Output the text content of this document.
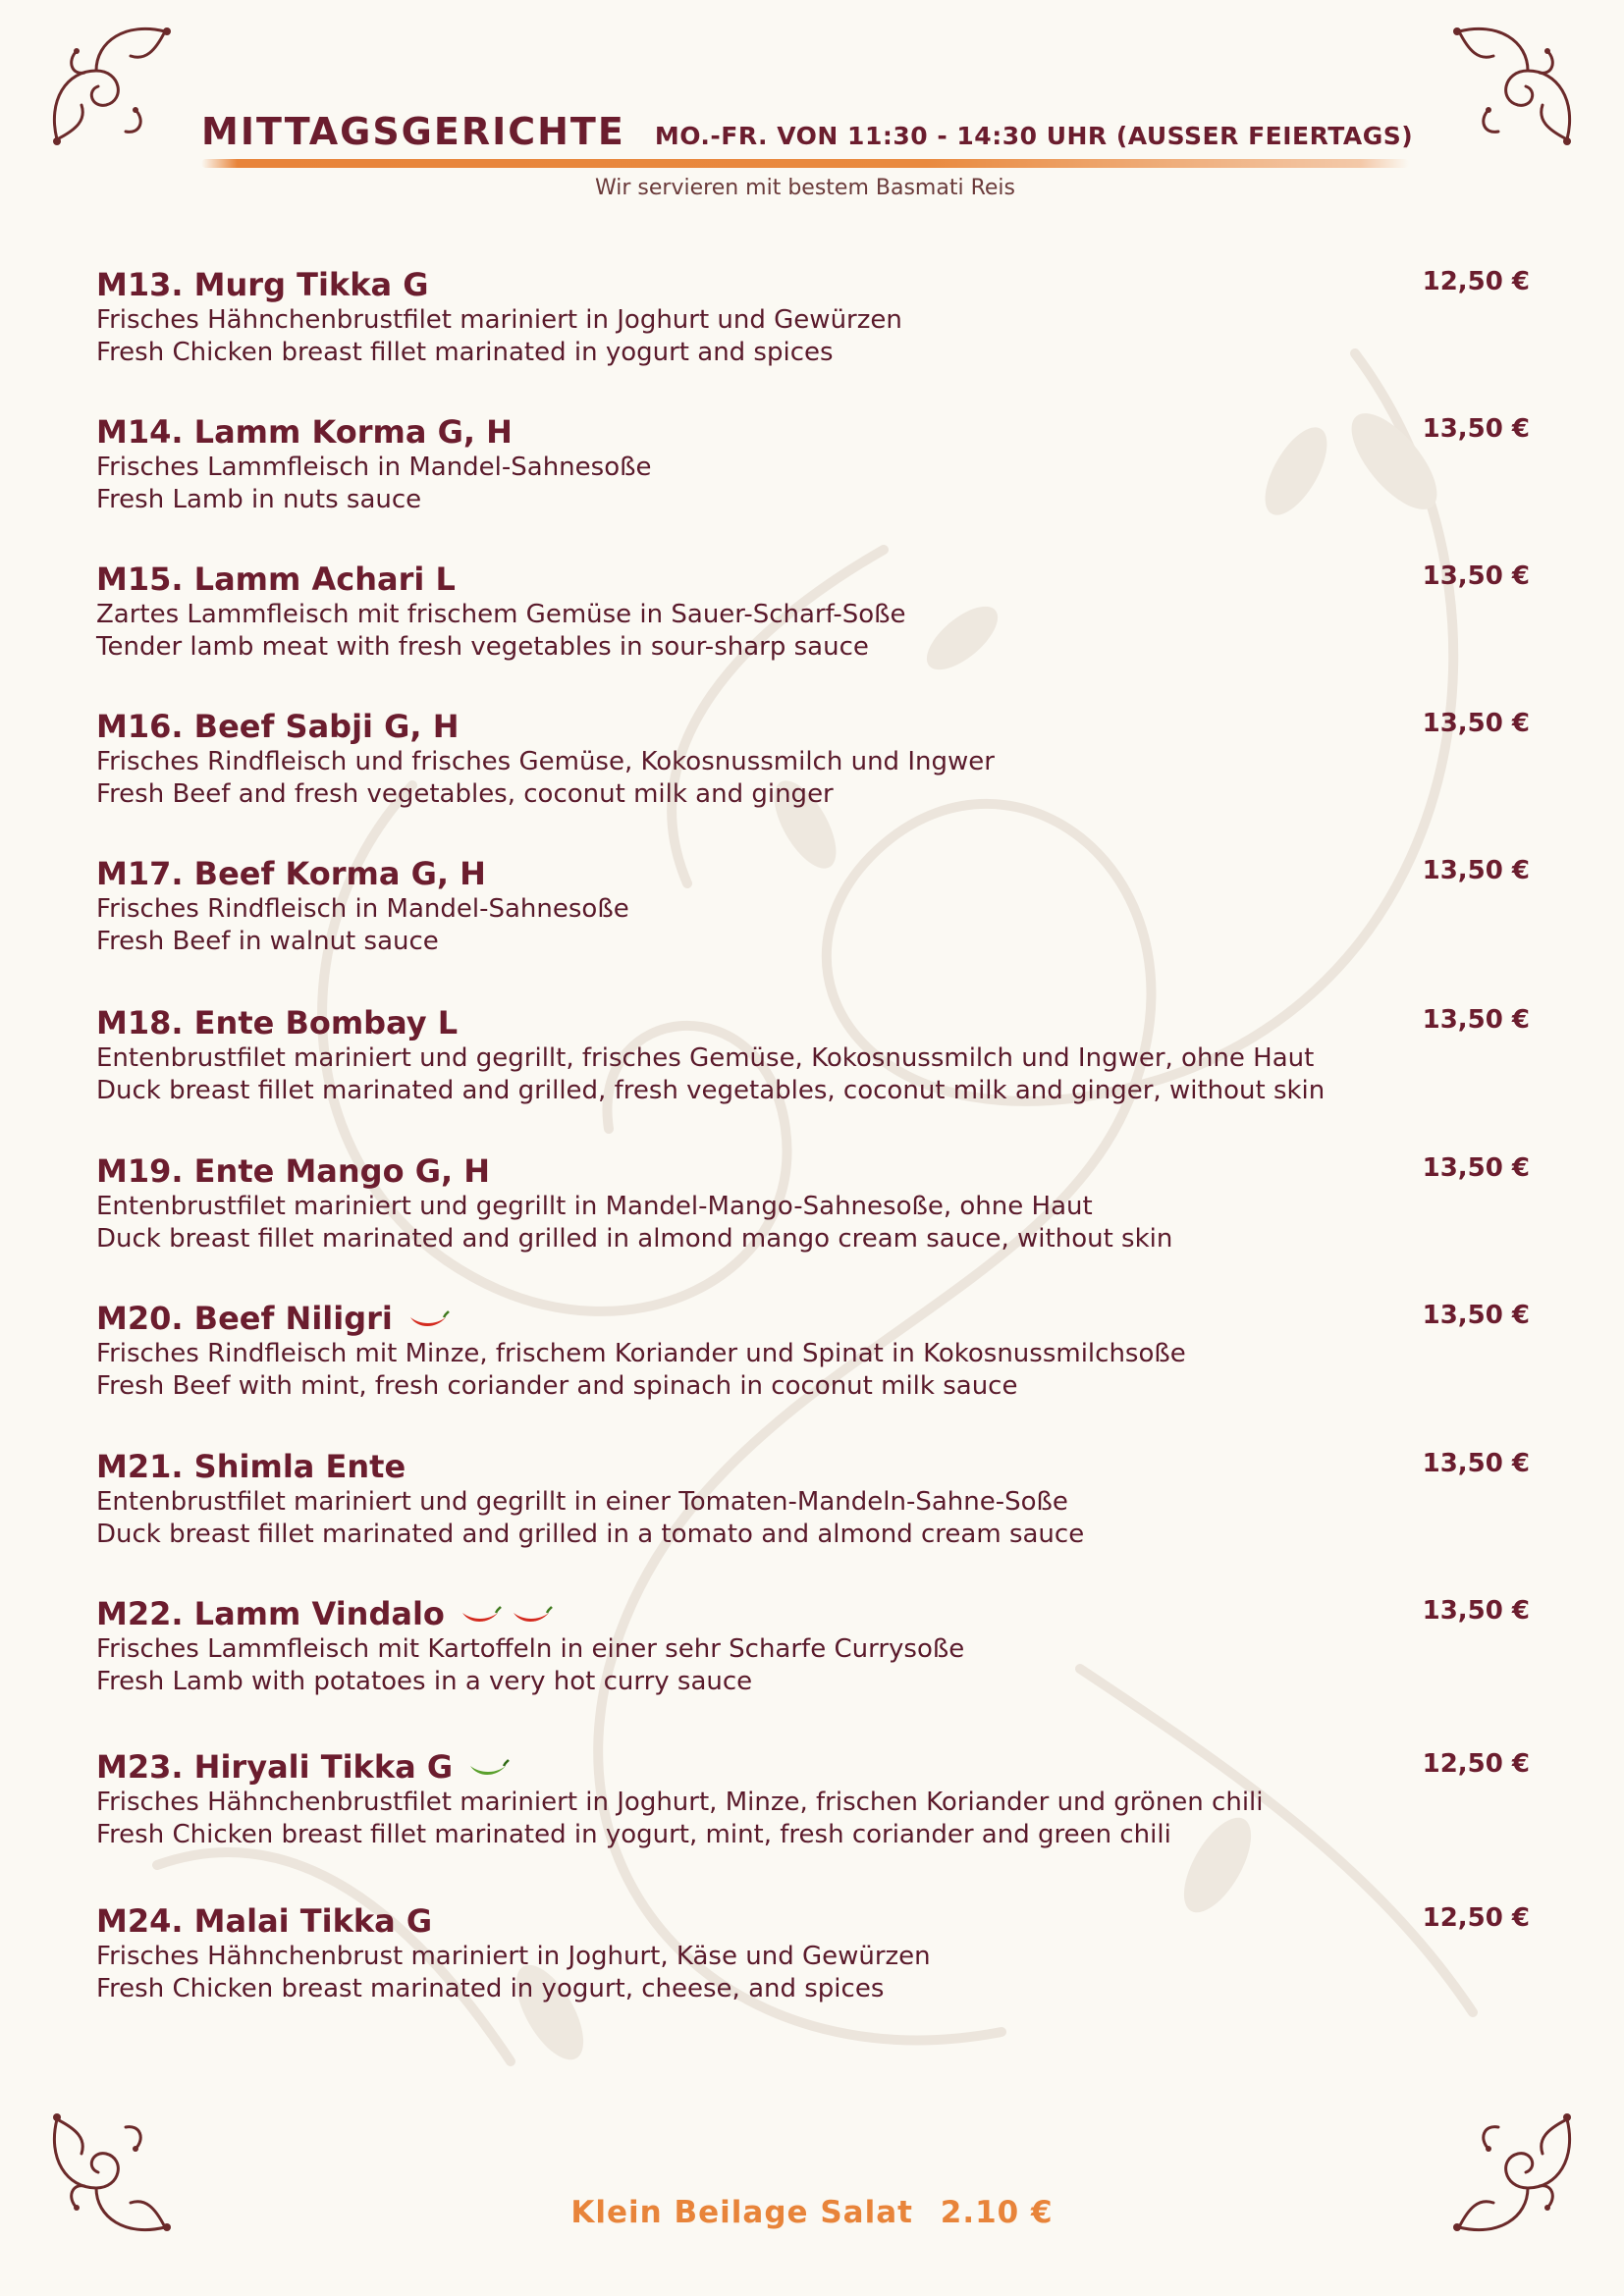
MITTAGSGERICHTE MO.-FR. VON 11:30 - 14:30 UHR (AUSSER FEIERTAGS)
Wir servieren mit bestem Basmati Reis
M13. Murg Tikka G
Frisches Hähnchenbrustfilet mariniert in Joghurt und Gewürzen
Fresh Chicken breast fillet marinated in yogurt and spices
12,50 €
M14. Lamm Korma G, H
Frisches Lammfleisch in Mandel-Sahnesoße
Fresh Lamb in nuts sauce
13,50 €
M15. Lamm Achari L
Zartes Lammfleisch mit frischem Gemüse in Sauer-Scharf-Soße
Tender lamb meat with fresh vegetables in sour-sharp sauce
13,50 €
M16. Beef Sabji G, H
Frisches Rindfleisch und frisches Gemüse, Kokosnussmilch und Ingwer
Fresh Beef and fresh vegetables, coconut milk and ginger
13,50 €
M17. Beef Korma G, H
Frisches Rindfleisch in Mandel-Sahnesoße
Fresh Beef in walnut sauce
13,50 €
M18. Ente Bombay L
Entenbrustfilet mariniert und gegrillt, frisches Gemüse, Kokosnussmilch und Ingwer, ohne Haut
Duck breast fillet marinated and grilled, fresh vegetables, coconut milk and ginger, without skin
13,50 €
M19. Ente Mango G, H
Entenbrustfilet mariniert und gegrillt in Mandel-Mango-Sahnesoße, ohne Haut
Duck breast fillet marinated and grilled in almond mango cream sauce, without skin
13,50 €
M20. Beef Niligri
Frisches Rindfleisch mit Minze, frischem Koriander und Spinat in Kokosnussmilchsoße
Fresh Beef with mint, fresh coriander and spinach in coconut milk sauce
13,50 €
M21. Shimla Ente
Entenbrustfilet mariniert und gegrillt in einer Tomaten-Mandeln-Sahne-Soße
Duck breast fillet marinated and grilled in a tomato and almond cream sauce
13,50 €
M22. Lamm Vindalo
Frisches Lammfleisch mit Kartoffeln in einer sehr Scharfe Currysoße
Fresh Lamb with potatoes in a very hot curry sauce
13,50 €
M23. Hiryali Tikka G
Frisches Hähnchenbrustfilet mariniert in Joghurt, Minze, frischen Koriander und grönen chili
Fresh Chicken breast fillet marinated in yogurt, mint, fresh coriander and green chili
12,50 €
M24. Malai Tikka G
Frisches Hähnchenbrust mariniert in Joghurt, Käse und Gewürzen
Fresh Chicken breast marinated in yogurt, cheese, and spices
12,50 €
Klein Beilage Salat 2.10 €
